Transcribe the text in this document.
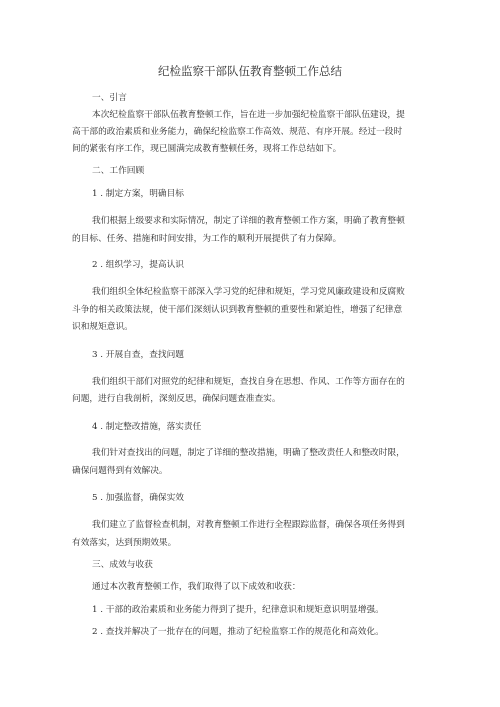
纪检监察干部队伍教育整顿工作总结
一、引言
本次纪检监察干部队伍教育整顿工作，旨在进一步加强纪检监察干部队伍建设，提
高干部的政治素质和业务能力，确保纪检监察工作高效、规范、有序开展。经过一段时
间的紧张有序工作，现已圆满完成教育整顿任务，现将工作总结如下。
二、工作回顾
1 . 制定方案，明确目标
我们根据上级要求和实际情况，制定了详细的教育整顿工作方案，明确了教育整顿
的目标、任务、措施和时间安排，为工作的顺利开展提供了有力保障。
2 . 组织学习，提高认识
我们组织全体纪检监察干部深入学习党的纪律和规矩，学习党风廉政建设和反腐败
斗争的相关政策法规，使干部们深刻认识到教育整顿的重要性和紧迫性，增强了纪律意
识和规矩意识。
3 . 开展自查，查找问题
我们组织干部们对照党的纪律和规矩，查找自身在思想、作风、工作等方面存在的
问题，进行自我剖析，深刻反思，确保问题查准查实。
4 . 制定整改措施，落实责任
我们针对查找出的问题，制定了详细的整改措施，明确了整改责任人和整改时限，
确保问题得到有效解决。
5 . 加强监督，确保实效
我们建立了监督检查机制，对教育整顿工作进行全程跟踪监督，确保各项任务得到
有效落实，达到预期效果。
三、成效与收获
通过本次教育整顿工作，我们取得了以下成效和收获：
1 . 干部的政治素质和业务能力得到了提升，纪律意识和规矩意识明显增强。
2 . 查找并解决了一批存在的问题，推动了纪检监察工作的规范化和高效化。
